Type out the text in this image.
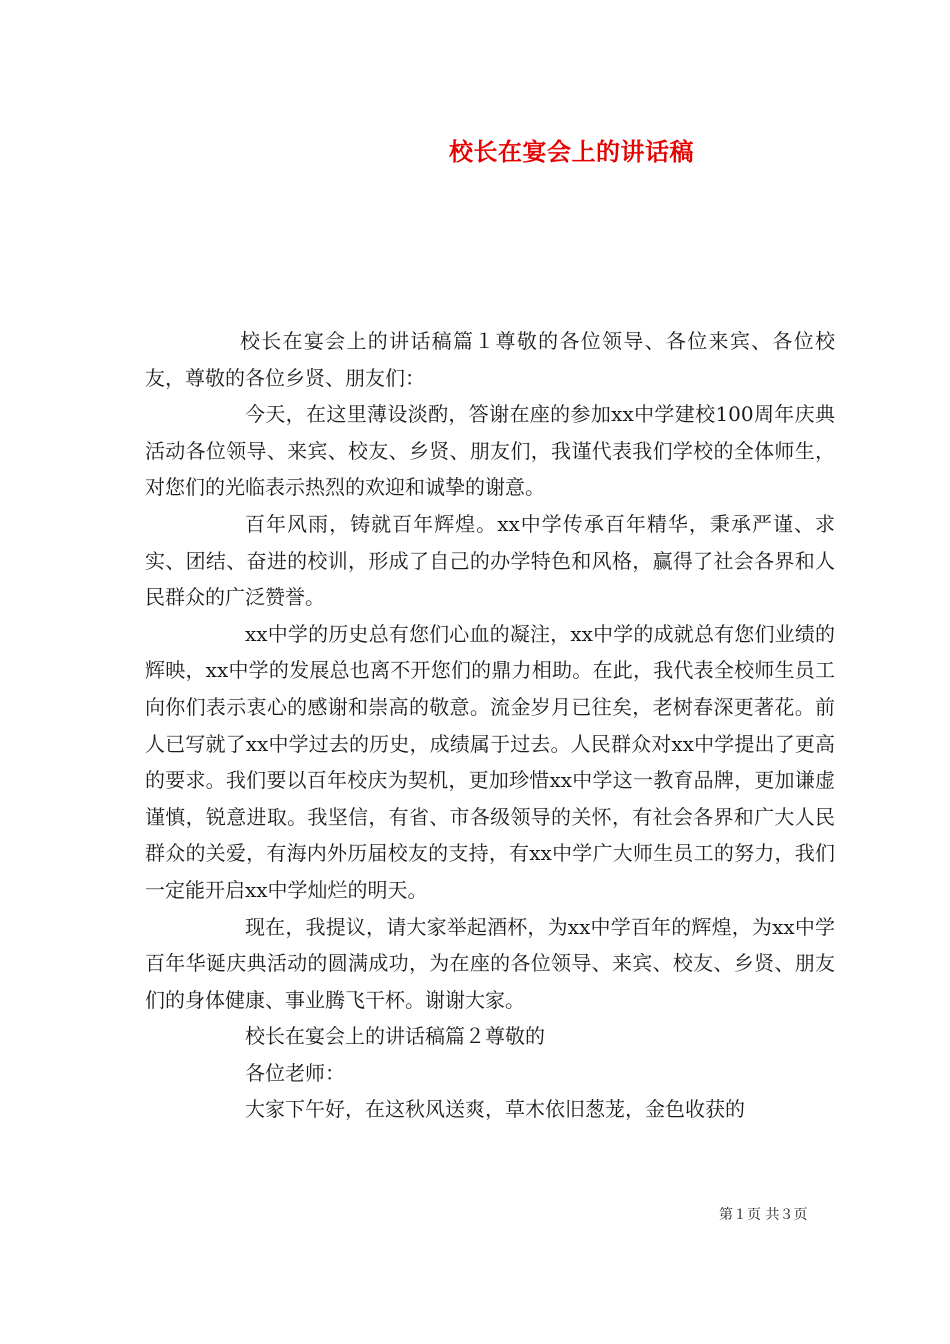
校长在宴会上的讲话稿

校长在宴会上的讲话稿篇１尊敬的各位领导、各位来宾、各位校友，尊敬的各位乡贤、朋友们：

今天，在这里薄设淡酌，答谢在座的参加xx中学建校100周年庆典活动各位领导、来宾、校友、乡贤、朋友们，我谨代表我们学校的全体师生，对您们的光临表示热烈的欢迎和诚挚的谢意。

百年风雨，铸就百年辉煌。xx中学传承百年精华，秉承严谨、求实、团结、奋进的校训，形成了自己的办学特色和风格，赢得了社会各界和人民群众的广泛赞誉。

xx中学的历史总有您们心血的凝注，xx中学的成就总有您们业绩的辉映，xx中学的发展总也离不开您们的鼎力相助。在此，我代表全校师生员工向你们表示衷心的感谢和崇高的敬意。流金岁月已往矣，老树春深更著花。前人已写就了xx中学过去的历史，成绩属于过去。人民群众对xx中学提出了更高的要求。我们要以百年校庆为契机，更加珍惜xx中学这一教育品牌，更加谦虚谨慎，锐意进取。我坚信，有省、市各级领导的关怀，有社会各界和广大人民群众的关爱，有海内外历届校友的支持，有xx中学广大师生员工的努力，我们一定能开启xx中学灿烂的明天。

现在，我提议，请大家举起酒杯，为xx中学百年的辉煌，为xx中学百年华诞庆典活动的圆满成功，为在座的各位领导、来宾、校友、乡贤、朋友们的身体健康、事业腾飞干杯。谢谢大家。

校长在宴会上的讲话稿篇２尊敬的

各位老师：

大家下午好，在这秋风送爽，草木依旧葱茏，金色收获的

第１页 共３页
